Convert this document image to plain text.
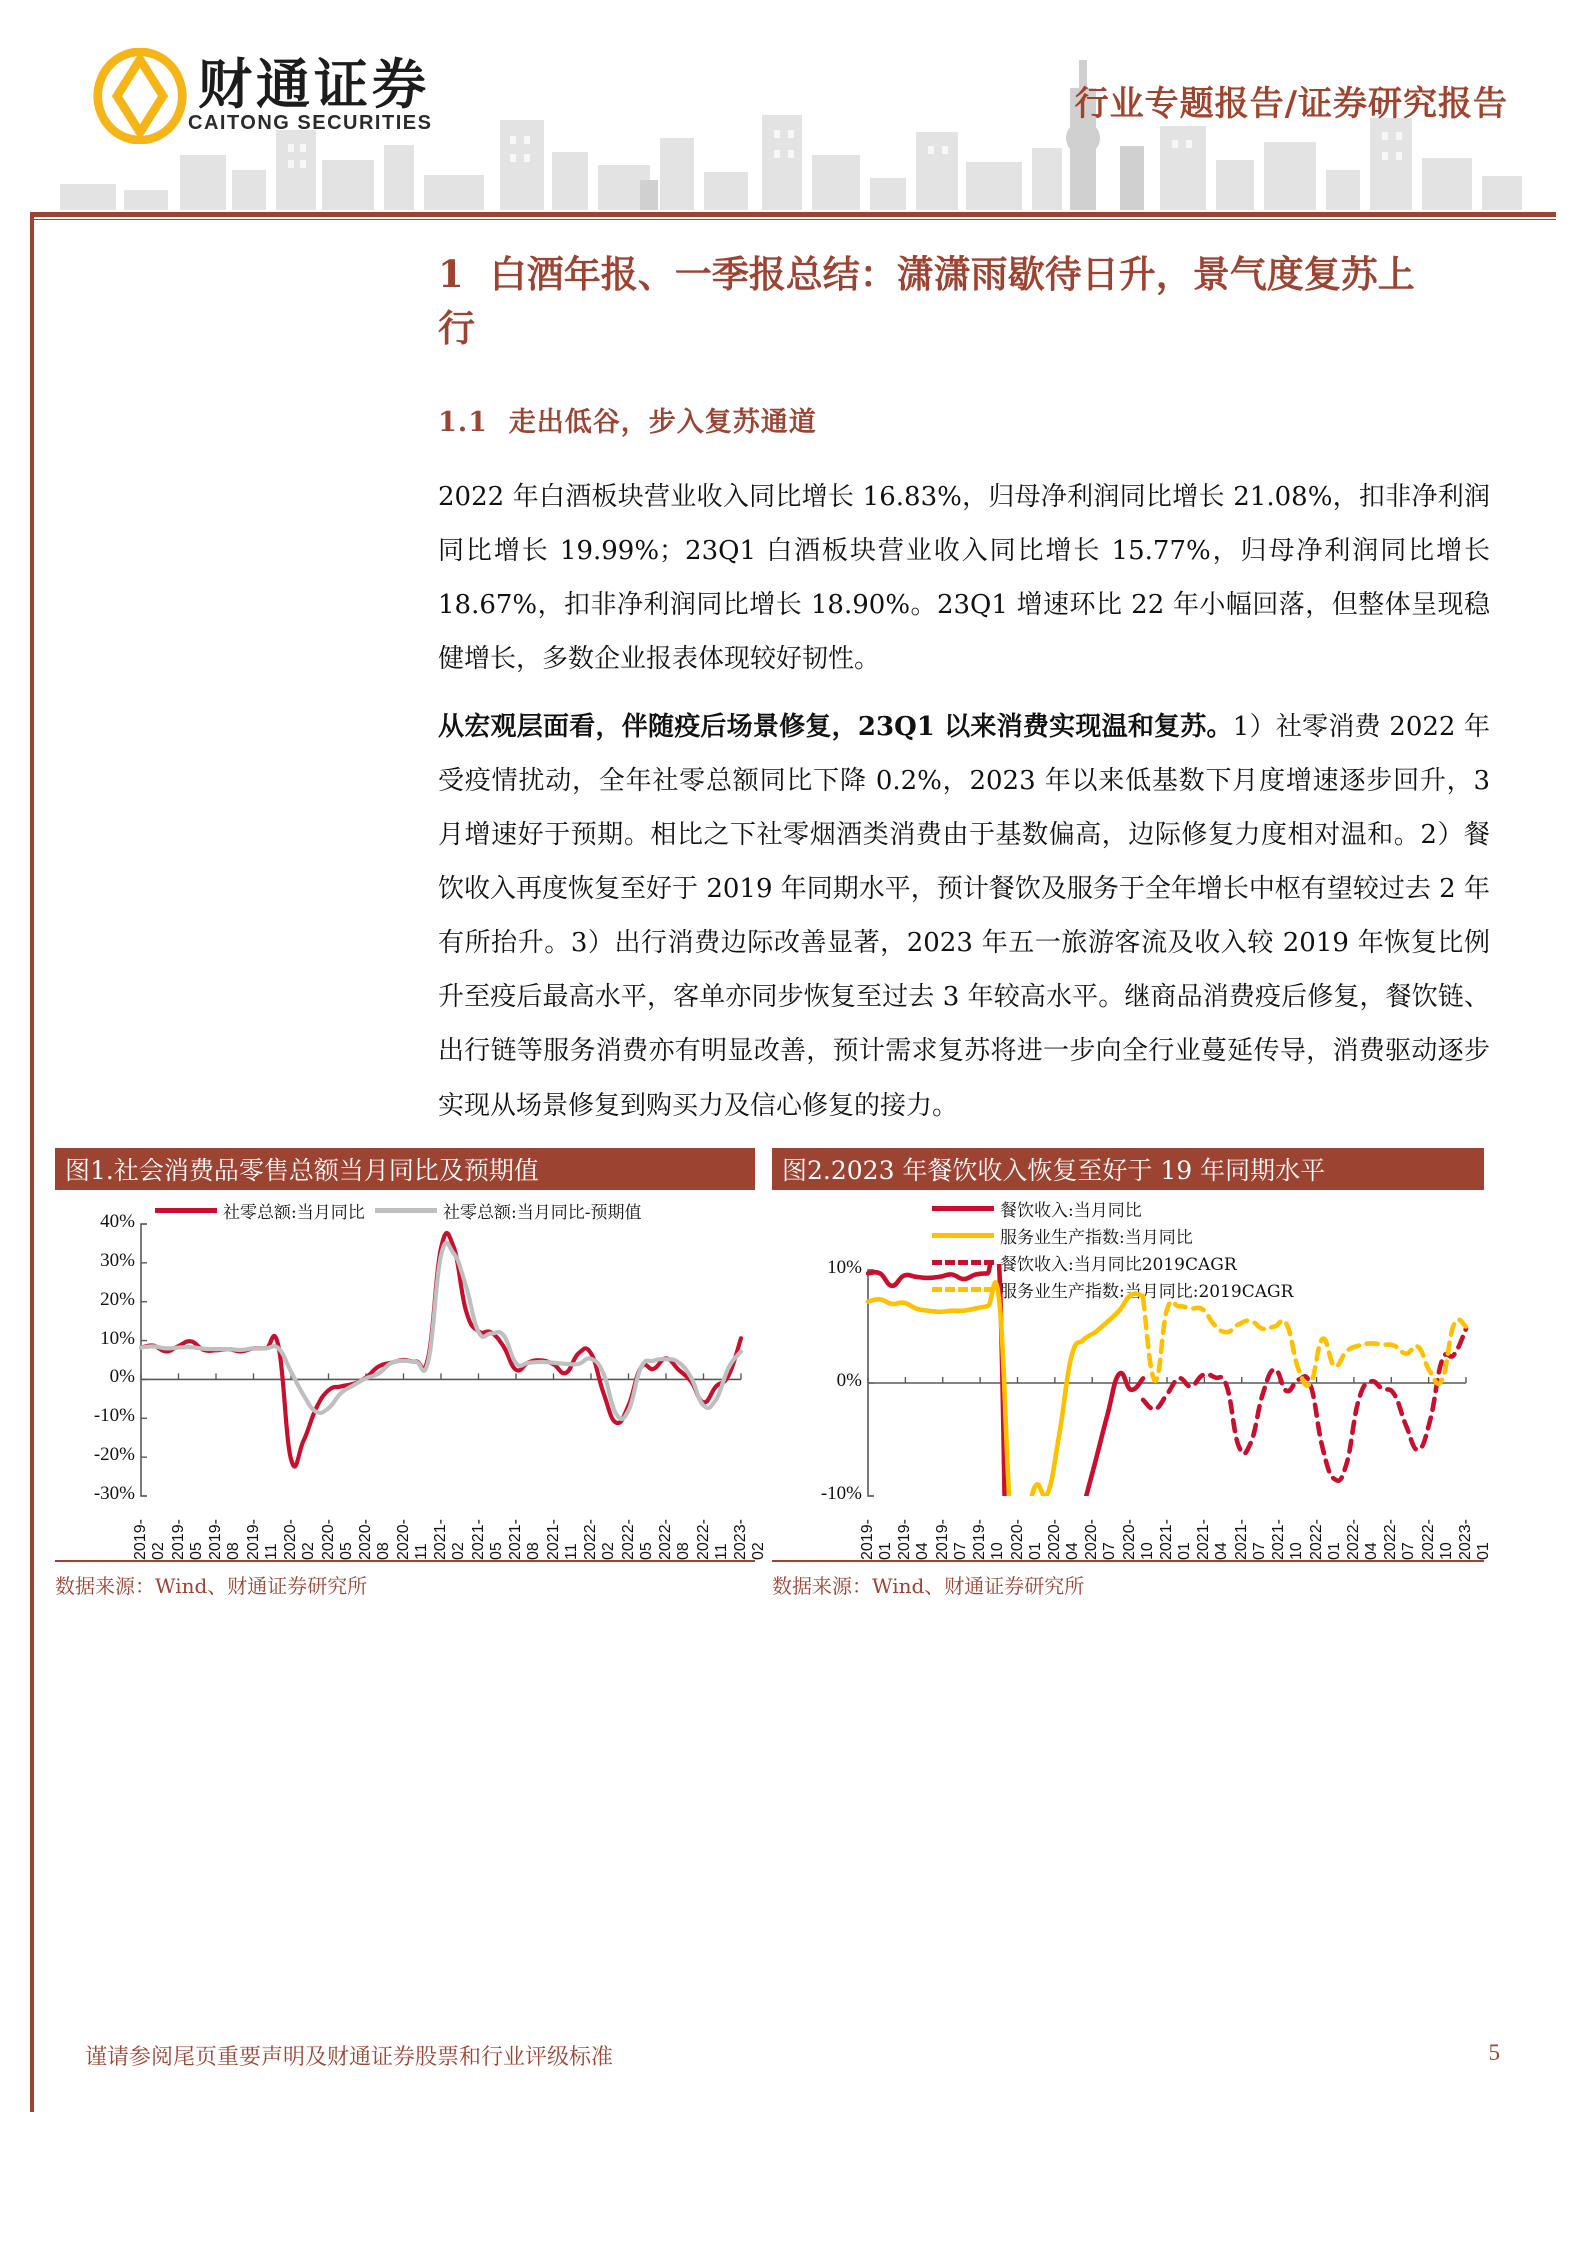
财通证券
CAITONG SECURITIES	行业专题报告/证券研究报告
1 白酒年报、一季报总结：潇潇雨歇待日升，景气度复苏上行
1.1 走出低谷，步入复苏通道
2022 年白酒板块营业收入同比增长 16.83%，归母净利润同比增长 21.08%，扣非净利润同比增长 19.99%；23Q1 白酒板块营业收入同比增长 15.77%，归母净利润同比增长 18.67%，扣非净利润同比增长 18.90%。23Q1 增速环比 22 年小幅回落，但整体呈现稳健增长，多数企业报表体现较好韧性。
从宏观层面看，伴随疫后场景修复，23Q1 以来消费实现温和复苏。1）社零消费 2022 年受疫情扰动，全年社零总额同比下降 0.2%，2023 年以来低基数下月度增速逐步回升，3 月增速好于预期。相比之下社零烟酒类消费由于基数偏高，边际修复力度相对温和。2）餐饮收入再度恢复至好于 2019 年同期水平，预计餐饮及服务于全年增长中枢有望较过去 2 年有所抬升。3）出行消费边际改善显著，2023 年五一旅游客流及收入较 2019 年恢复比例升至疫后最高水平，客单亦同步恢复至过去 3 年较高水平。继商品消费疫后修复，餐饮链、出行链等服务消费亦有明显改善，预计需求复苏将进一步向全行业蔓延传导，消费驱动逐步实现从场景修复到购买力及信心修复的接力。
图1.社会消费品零售总额当月同比及预期值
社零总额:当月同比	社零总额:当月同比-预期值
2019-02 2019-05 2019-08 2019-11 2020-02 2020-05 2020-08 2020-11 2021-02 2021-05 2021-08 2021-11 2022-02 2022-05 2022-08 2022-11 2023-02
40%
30%
20%
10%
0%
-10%
-20%
-30%
数据来源：Wind、财通证券研究所
图2.2023 年餐饮收入恢复至好于 19 年同期水平
餐饮收入:当月同比
服务业生产指数:当月同比
餐饮收入:当月同比2019CAGR
服务业生产指数:当月同比:2019CAGR
2019-01 2019-04 2019-07 2019-10 2020-01 2020-04 2020-07 2020-10 2021-01 2021-04 2021-07 2021-10 2022-01 2022-04 2022-07 2022-10 2023-01
10%
0%
-10%
数据来源：Wind、财通证券研究所
谨请参阅尾页重要声明及财通证券股票和行业评级标准	5
